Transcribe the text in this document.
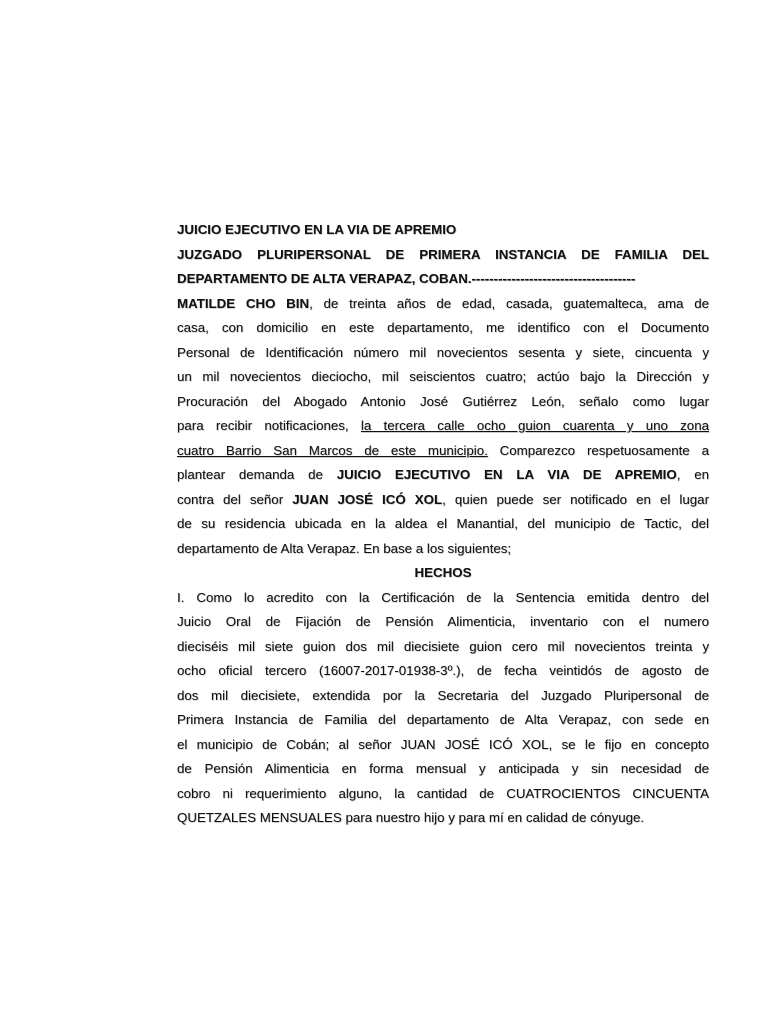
JUICIO EJECUTIVO EN LA VIA DE APREMIO
JUZGADO PLURIPERSONAL DE PRIMERA INSTANCIA DE FAMILIA DEL
DEPARTAMENTO DE ALTA VERAPAZ, COBAN.-------------------------------------
MATILDE CHO BIN, de treinta años de edad, casada, guatemalteca, ama de
casa, con domicilio en este departamento, me identifico con el Documento
Personal de Identificación número mil novecientos sesenta y siete, cincuenta y
un mil novecientos dieciocho, mil seiscientos cuatro; actúo bajo la Dirección y
Procuración del Abogado Antonio José Gutiérrez León, señalo como lugar
para recibir notificaciones, la tercera calle ocho guion cuarenta y uno zona
cuatro Barrio San Marcos de este municipio. Comparezco respetuosamente a
plantear demanda de JUICIO EJECUTIVO EN LA VIA DE APREMIO, en
contra del señor JUAN JOSÉ ICÓ XOL, quien puede ser notificado en el lugar
de su residencia ubicada en la aldea el Manantial, del municipio de Tactic, del
departamento de Alta Verapaz. En base a los siguientes;
HECHOS
I. Como lo acredito con la Certificación de la Sentencia emitida dentro del
Juicio Oral de Fijación de Pensión Alimenticia, inventario con el numero
dieciséis mil siete guion dos mil diecisiete guion cero mil novecientos treinta y
ocho oficial tercero (16007-2017-01938-3º.), de fecha veintidós de agosto de
dos mil diecisiete, extendida por la Secretaria del Juzgado Pluripersonal de
Primera Instancia de Familia del departamento de Alta Verapaz, con sede en
el municipio de Cobán; al señor JUAN JOSÉ ICÓ XOL, se le fijo en concepto
de Pensión Alimenticia en forma mensual y anticipada y sin necesidad de
cobro ni requerimiento alguno, la cantidad de CUATROCIENTOS CINCUENTA
QUETZALES MENSUALES para nuestro hijo y para mí en calidad de cónyuge.
